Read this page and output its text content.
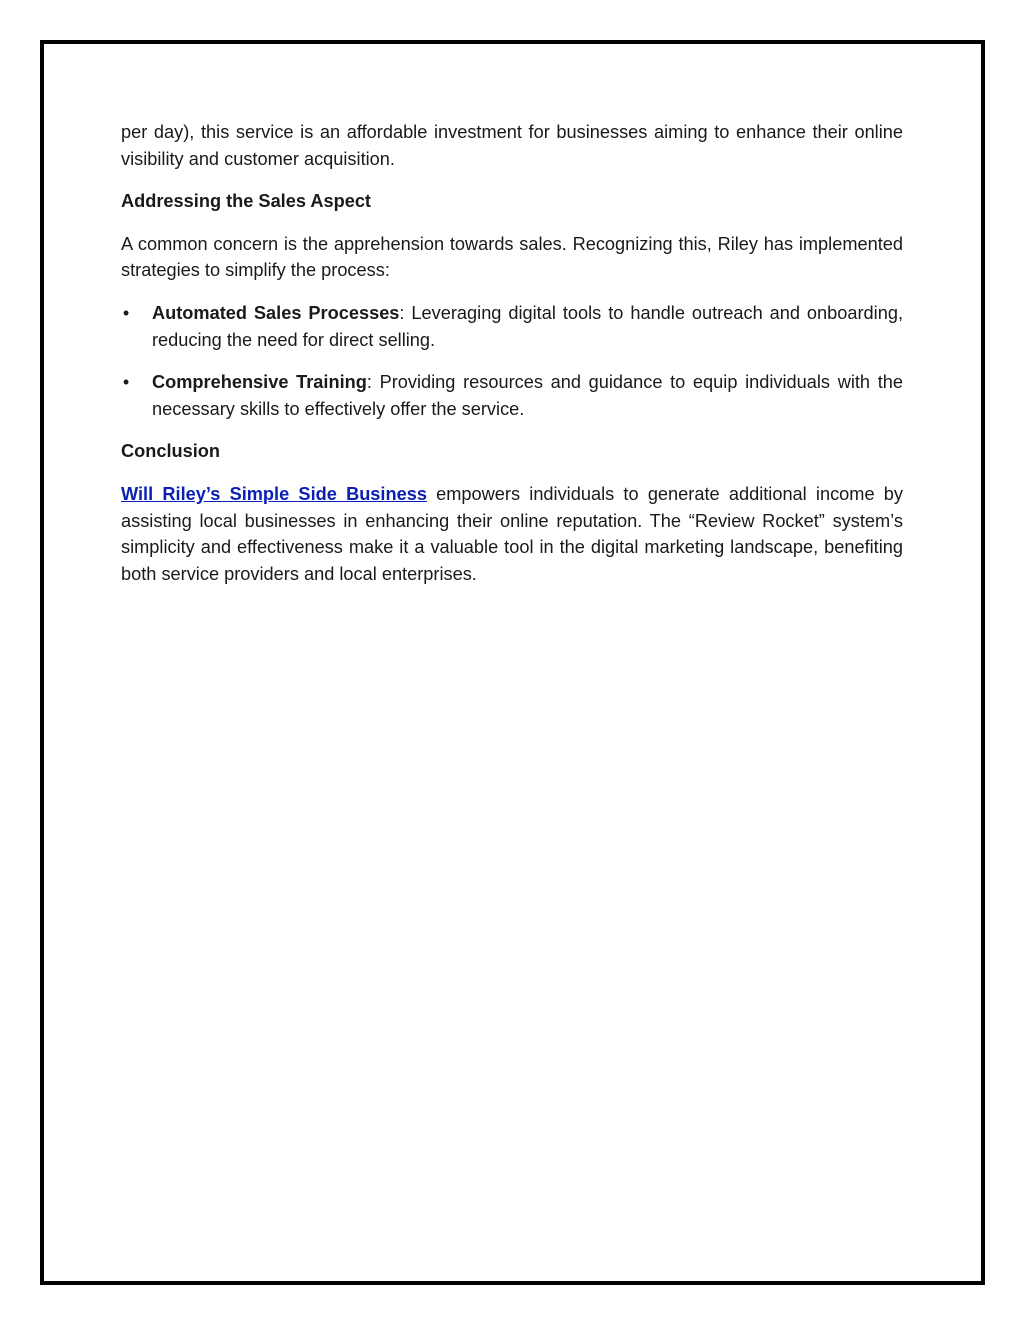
per day), this service is an affordable investment for businesses aiming to enhance their online visibility and customer acquisition.

Addressing the Sales Aspect

A common concern is the apprehension towards sales. Recognizing this, Riley has implemented strategies to simplify the process:

• Automated Sales Processes: Leveraging digital tools to handle outreach and onboarding, reducing the need for direct selling.
• Comprehensive Training: Providing resources and guidance to equip individuals with the necessary skills to effectively offer the service.
Conclusion

Will Riley’s Simple Side Business empowers individuals to generate additional income by assisting local businesses in enhancing their online reputation. The “Review Rocket” system’s simplicity and effectiveness make it a valuable tool in the digital marketing landscape, benefiting both service providers and local enterprises.
